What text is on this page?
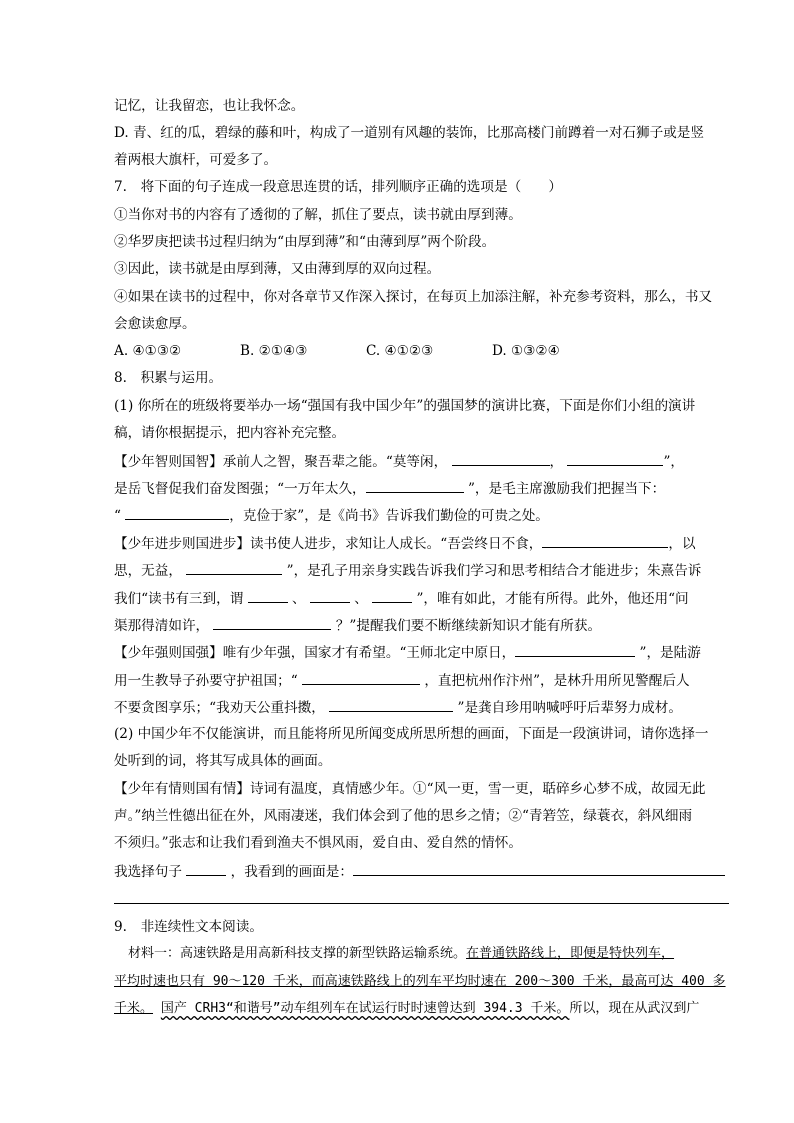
记忆，让我留恋，也让我怀念。
D. 青、红的瓜，碧绿的藤和叶，构成了一道别有风趣的装饰，比那高楼门前蹲着一对石狮子或是竖
着两根大旗杆，可爱多了。
7.　将下面的句子连成一段意思连贯的话，排列顺序正确的选项是（　　）
①当你对书的内容有了透彻的了解，抓住了要点，读书就由厚到薄。
②华罗庚把读书过程归纳为“由厚到薄”和“由薄到厚”两个阶段。
③因此，读书就是由厚到薄，又由薄到厚的双向过程。
④如果在读书的过程中，你对各章节又作深入探讨，在每页上加添注解，补充参考资料，那么，书又
会愈读愈厚。
A. ④①③②	B. ②①④③	C. ④①②③	D. ①③②④
8.　积累与运用。
(1) 你所在的班级将要举办一场“强国有我中国少年”的强国梦的演讲比赛，下面是你们小组的演讲
稿，请你根据提示，把内容补充完整。
【少年智则国智】承前人之智，聚吾辈之能。“莫等闲，	，	”，
是岳飞督促我们奋发图强；“一万年太久，	”，是毛主席激励我们把握当下：
“	，克俭于家”，是《尚书》告诉我们勤俭的可贵之处。
【少年进步则国进步】读书使人进步，求知让人成长。“吾尝终日不食，	，以
思，无益，	”，是孔子用亲身实践告诉我们学习和思考相结合才能进步；朱熹告诉
我们“读书有三到，谓	、	、	”，唯有如此，才能有所得。此外，他还用“问
渠那得清如许，	？”提醒我们要不断继续新知识才能有所获。
【少年强则国强】唯有少年强，国家才有希望。“王师北定中原日，	”，是陆游
用一生教导子孙要守护祖国；“	，直把杭州作汴州”，是林升用所见警醒后人
不要贪图享乐；“我劝天公重抖擞，	”是龚自珍用呐喊呼吁后辈努力成材。
(2) 中国少年不仅能演讲，而且能将所见所闻变成所思所想的画面，下面是一段演讲词，请你选择一
处听到的词，将其写成具体的画面。
【少年有情则国有情】诗词有温度，真情感少年。①“风一更，雪一更，聒碎乡心梦不成，故园无此
声。”纳兰性德出征在外，风雨凄迷，我们体会到了他的思乡之情；②“青箬笠，绿蓑衣，斜风细雨
不须归。”张志和让我们看到渔夫不惧风雨，爱自由、爱自然的情怀。
我选择句子	，我看到的画面是：
9.　非连续性文本阅读。
材料一：高速铁路是用高新科技支撑的新型铁路运输系统。在普通铁路线上，即便是特快列车，
平均时速也只有 90～120 千米，而高速铁路线上的列车平均时速在 200～300 千米，最高可达 400 多
千米。 国产 CRH3“和谐号”动车组列车在试运行时时速曾达到 394.3 千米。所以，现在从武汉到广
